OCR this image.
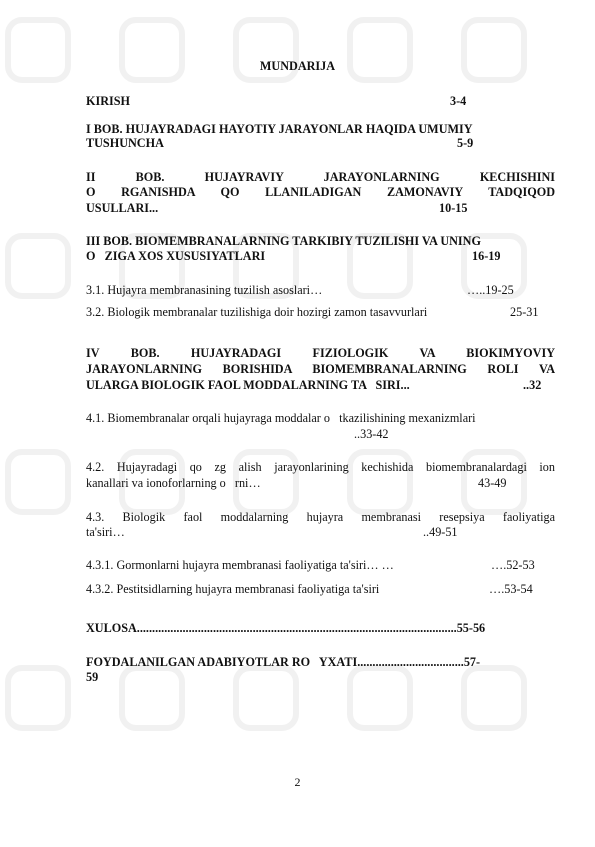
MUNDARIJA
KIRISH	3-4
I BOB. HUJAYRADAGI HAYOTIY JARAYONLAR HAQIDA UMUMIY
TUSHUNCHA	5-9
II BOB. HUJAYRAVIY JARAYONLARNING KECHISHINI
O RGANISHDA QO LLANILADIGAN ZAMONAVIY TADQIQOD
USULLARI...	10-15
III BOB. BIOMEMBRANALARNING TARKIBIY TUZILISHI VA UNING
O   ZIGA XOS XUSUSIYATLARI	16-19
3.1. Hujayra membranasining tuzilish asoslari…	…..19-25
3.2. Biologik membranalar tuzilishiga doir hozirgi zamon tasavvurlari	25-31
IV BOB. HUJAYRADAGI FIZIOLOGIK VA BIOKIMYOVIY
JARAYONLARNING BORISHIDA BIOMEMBRANALARNING ROLI VA
ULARGA BIOLOGIK FAOL MODDALARNING TA   SIRI...	..32
4.1. Biomembranalar orqali hujayraga moddalar o   tkazilishining mexanizmlari
..33-42
4.2. Hujayradagi qo zg alish jarayonlarining kechishida biomembranalardagi ion
kanallari va ionoforlarning o   rni…	43-49
4.3. Biologik faol moddalarning hujayra membranasi resepsiya faoliyatiga
ta'siri…	..49-51
4.3.1. Gormonlarni hujayra membranasi faoliyatiga ta'siri… …	….52-53
4.3.2. Pestitsidlarning hujayra membranasi faoliyatiga ta'siri	….53-54
XULOSA.........................................................................................................55-56
FOYDALANILGAN ADABIYOTLAR RO   YXATI...................................57-
59
2
